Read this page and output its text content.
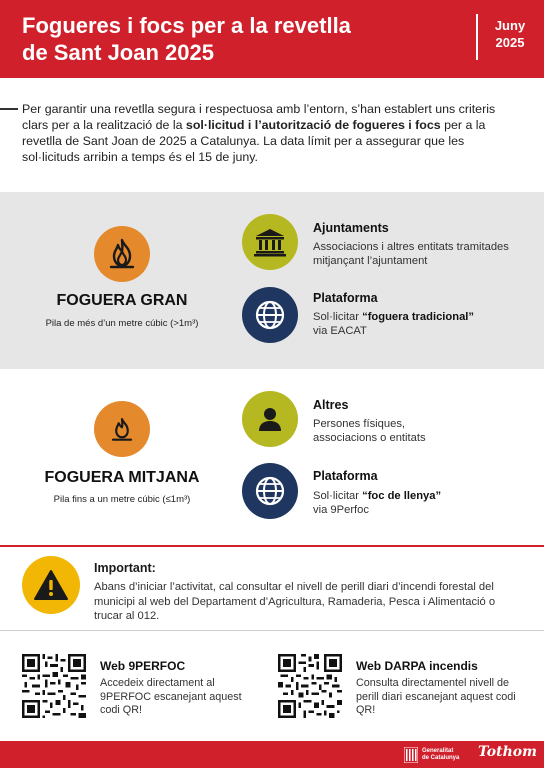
Fogueres i focs per a la revetlla
de Sant Joan 2025
Juny
2025

Per garantir una revetlla segura i respectuosa amb l’entorn, s’han establert uns criteris clars per a la realització de la sol·licitud i l’autorització de fogueres i focs per a la revetlla de Sant Joan de 2025 a Catalunya. La data límit per a assegurar que les sol·licituds arribin a temps és el 15 de juny.

FOGUERA GRAN
Pila de més d’un metre cúbic (>1m³)
Ajuntaments
Associacions i altres entitats tramitades mitjançant l’ajuntament
Plataforma
Sol·licitar “foguera tradicional”
via EACAT
FOGUERA MITJANA
Pila fins a un metre cúbic (≤1m³)
Altres
Persones físiques, associacions o entitats
Plataforma
Sol·licitar “foc de llenya”
via 9Perfoc
Important:
Abans d’iniciar l’activitat, cal consultar el nivell de perill diari d’incendi forestal del municipi al web del Departament d’Agricultura, Ramaderia, Pesca i Alimentació o trucar al 012.
Web 9PERFOC
Accedeix directament al 9PERFOC escanejant aquest codi QR!
Web DARPA incendis
Consulta directamentel nivell de perill diari escanejant aquest codi QR!
Generalitat
de Catalunya Tothom
